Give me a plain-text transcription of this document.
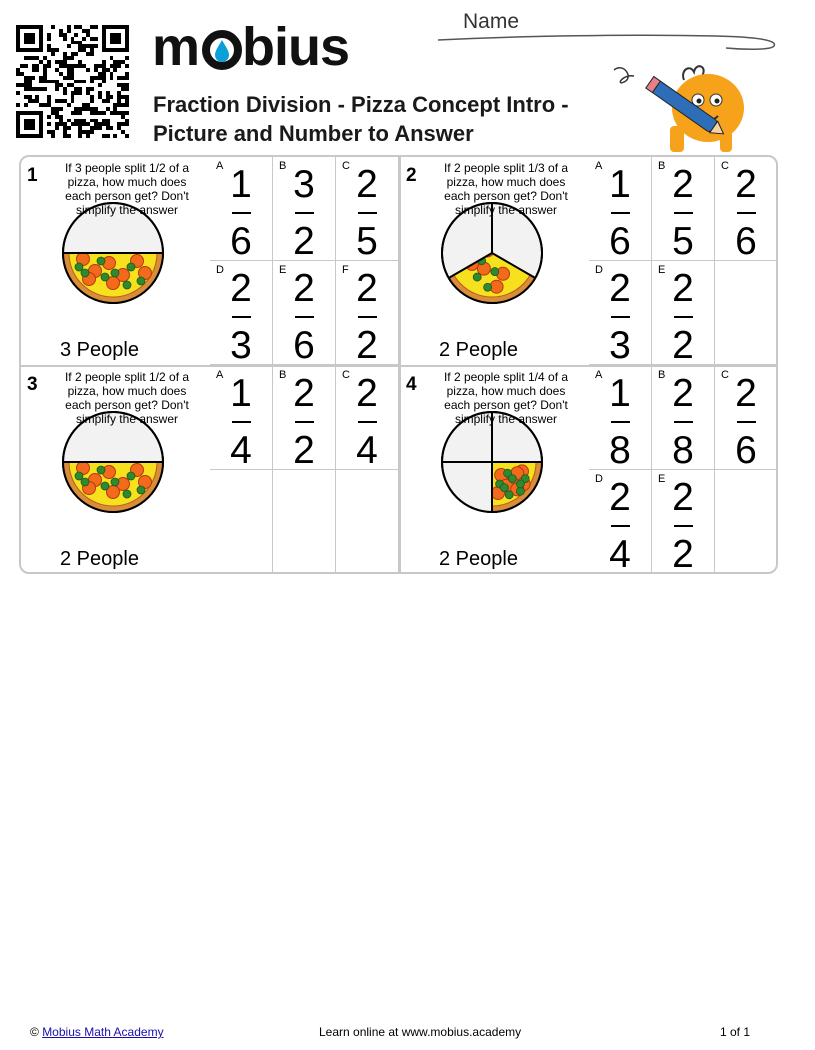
m bius
Fraction Division - Pizza Concept Intro - Picture and Number to Answer
Name
1	If 3 people split 1/2 of a pizza, how much does each person get? Don't simplify the answer
3 People
A 1
6
B 3
2
C 2
5
D 2
3
E 2
6
F 2
2
2	If 2 people split 1/3 of a pizza, how much does each person get? Don't simplify the answer
2 People
A 1
6
B 2
5
C 2
6
D 2
3
E 2
2
3	If 2 people split 1/2 of a pizza, how much does each person get? Don't simplify the answer
2 People
A 1
4
B 2
2
C 2
4
4	If 2 people split 1/4 of a pizza, how much does each person get? Don't simplify the answer
2 People
A 1
8
B 2
8
C 2
6
D 2
4
E 2
2
© Mobius Math Academy	Learn online at www.mobius.academy	1 of 1
